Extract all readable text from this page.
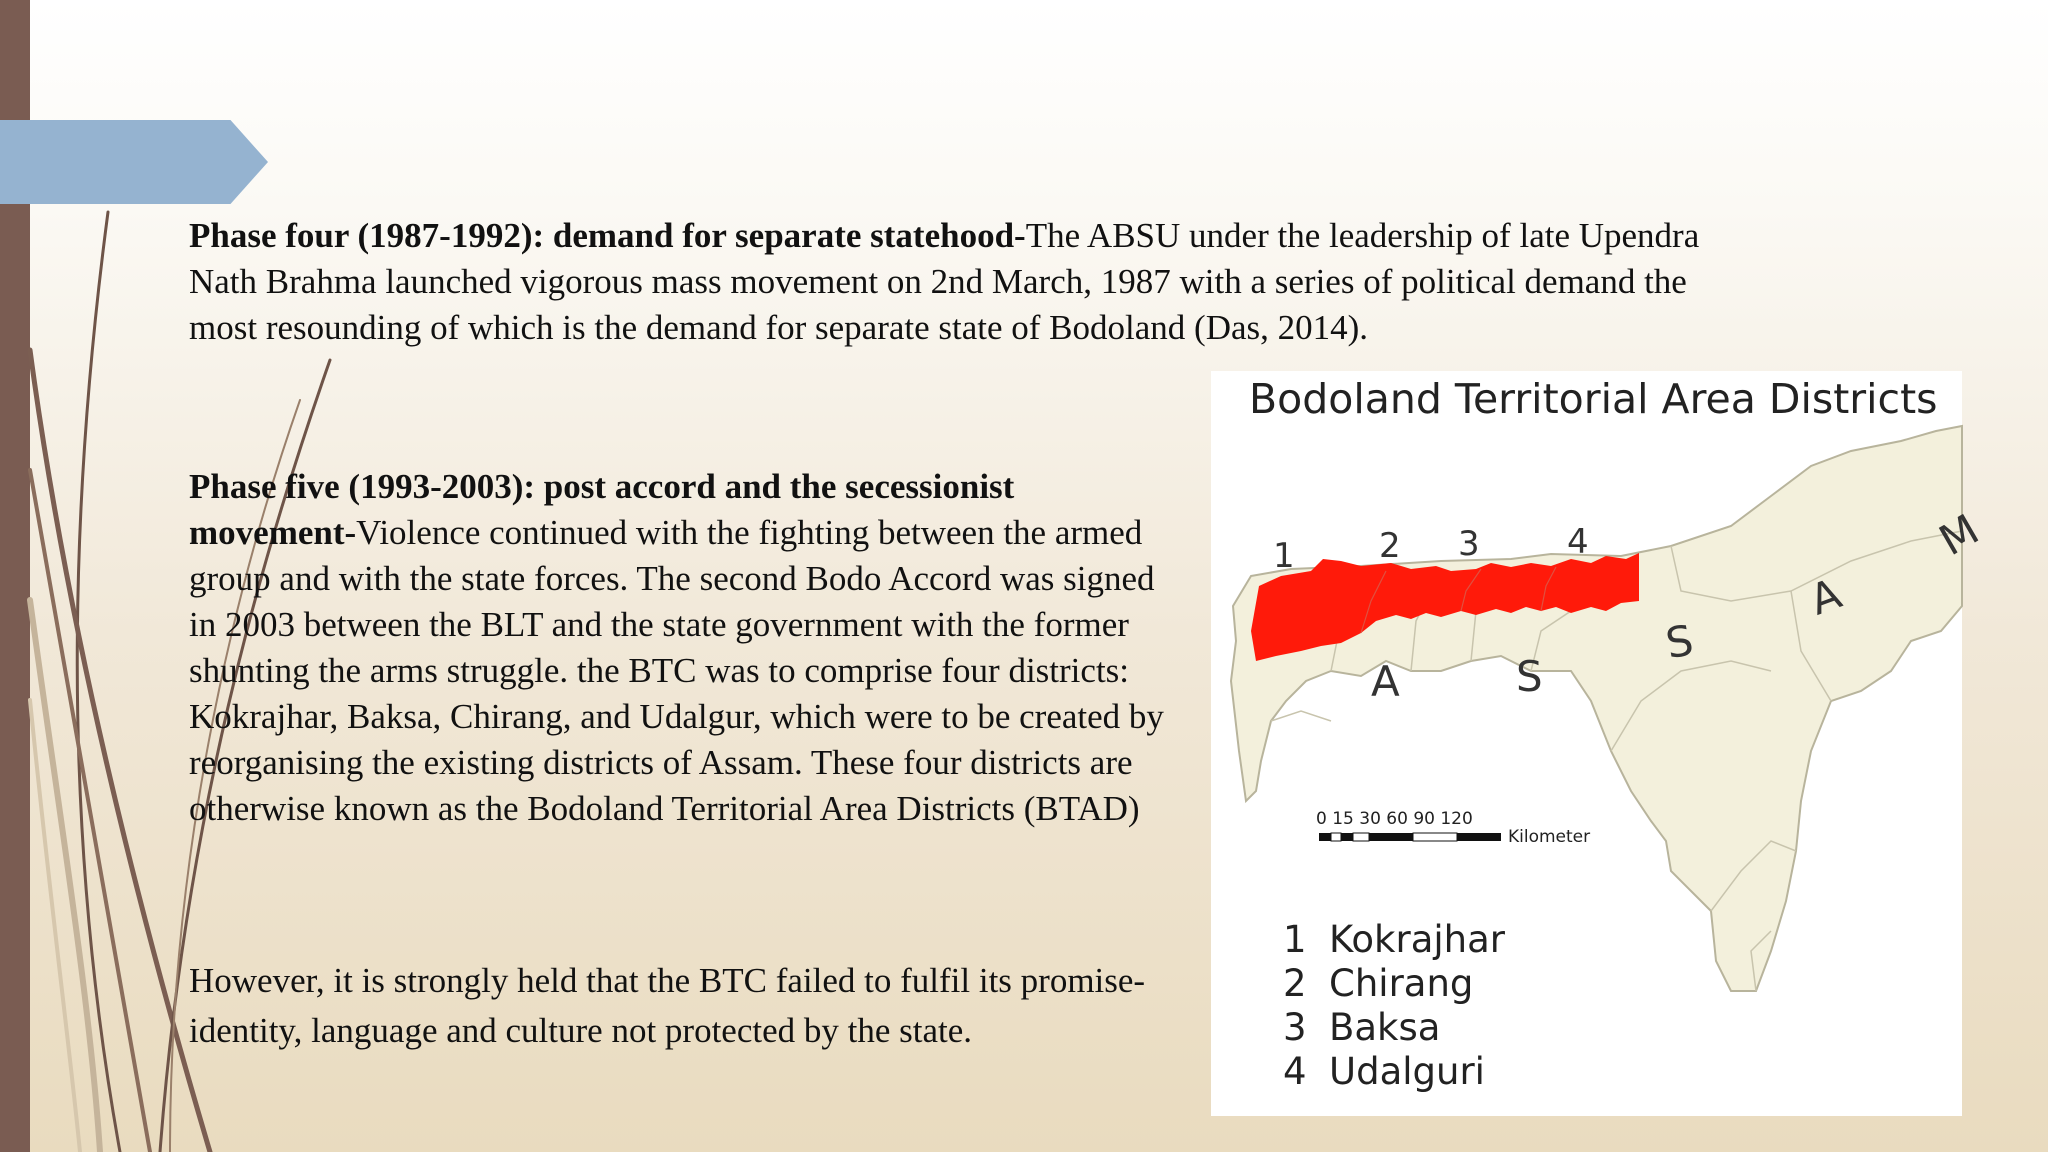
Phase four (1987-1992): demand for separate statehood-The ABSU under the leadership of late Upendra Nath Brahma launched vigorous mass movement on 2nd March, 1987 with a series of political demand the most resounding of which is the demand for separate state of Bodoland (Das, 2014).
Phase five (1993-2003): post accord and the secessionist movement-Violence continued with the fighting between the armed group and with the state forces. The second Bodo Accord was signed in 2003 between the BLT and the state government with the former shunting the arms struggle. the BTC was to comprise four districts: Kokrajhar, Baksa, Chirang, and Udalgur, which were to be created by reorganising the existing districts of Assam. These four districts are otherwise known as the Bodoland Territorial Area Districts (BTAD)
However, it is strongly held that the BTC failed to fulfil its promise- identity, language and culture not protected by the state.
1 2 3	4
A	S
S
A
M
Bodoland Territorial Area Districts
0 15 30 60 90 120
Kilometer
1 Kokrajhar
2 Chirang
3 Baksa
4 Udalguri
